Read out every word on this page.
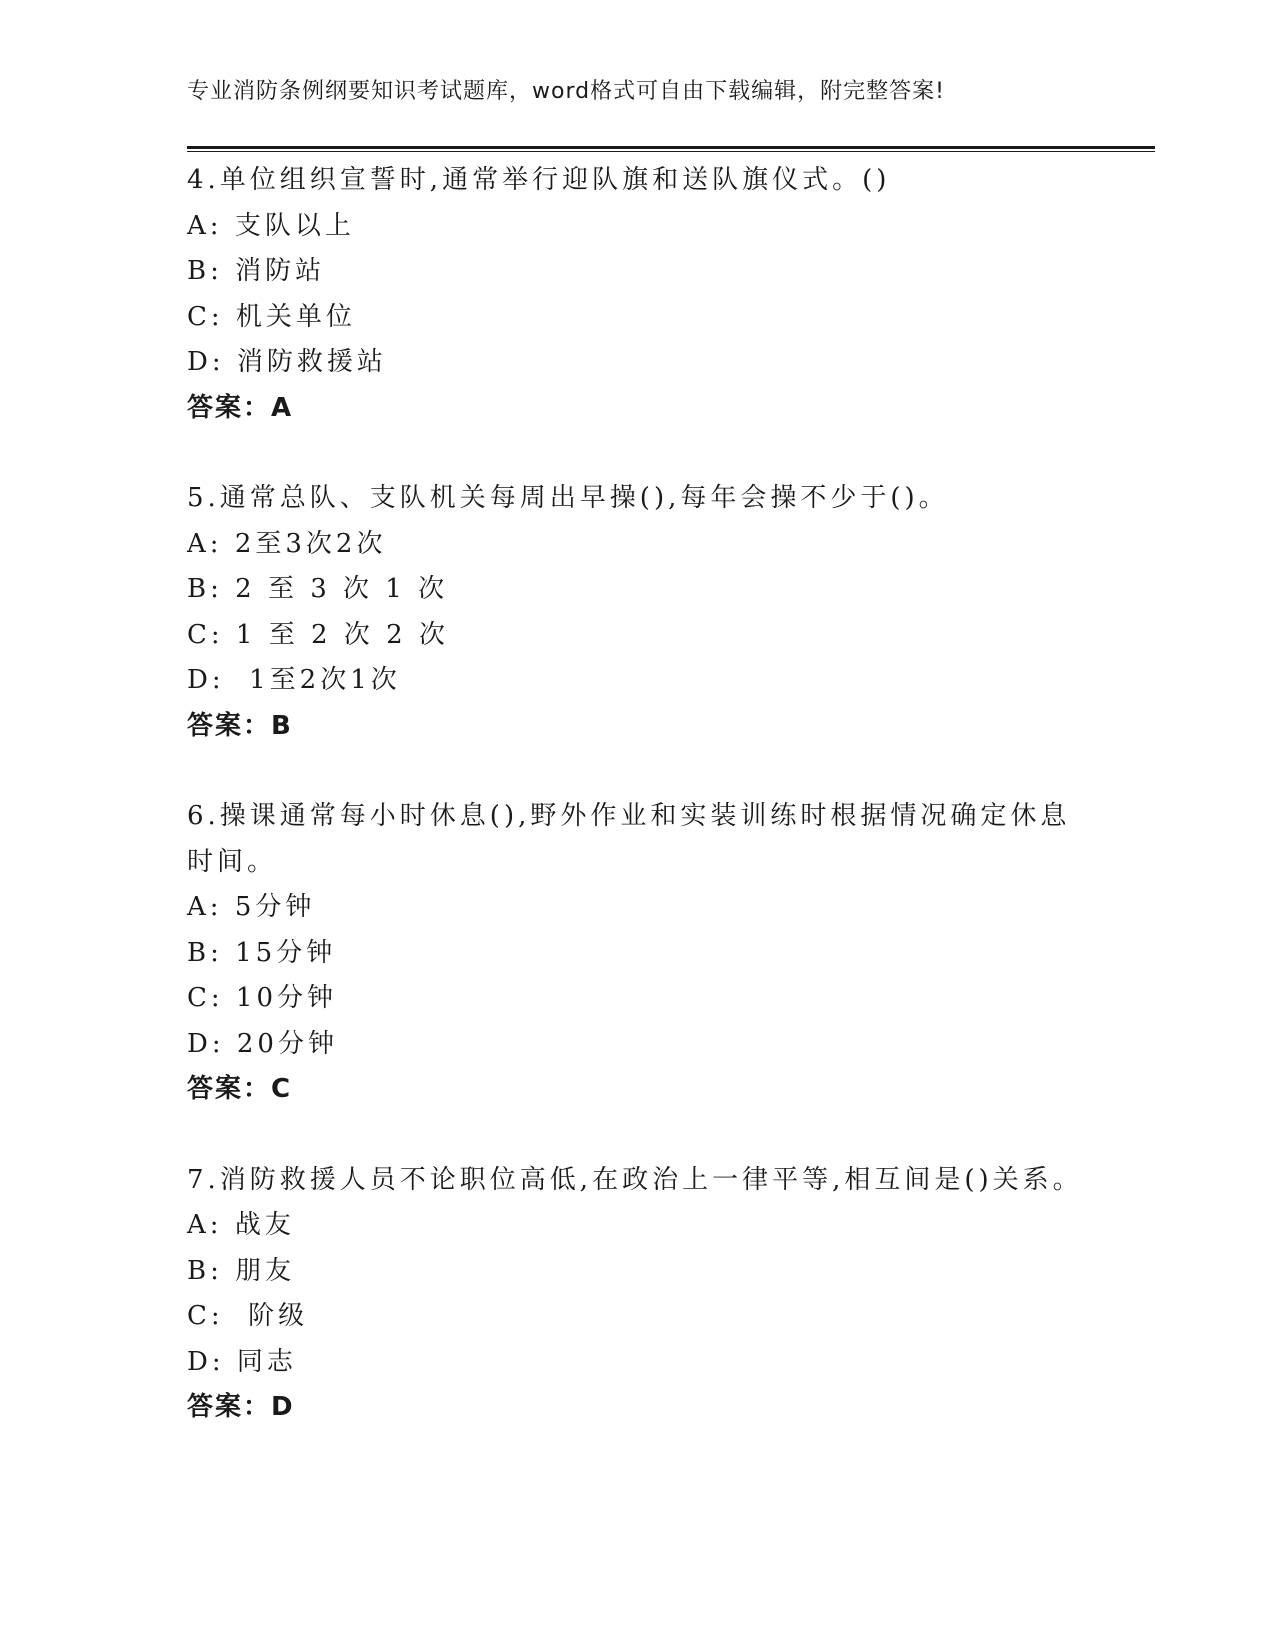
专业消防条例纲要知识考试题库，word格式可自由下载编辑，附完整答案!
4.单位组织宣誓时,通常举行迎队旗和送队旗仪式。()
A: 支队以上
B: 消防站
C: 机关单位
D: 消防救援站
答案：A
5.通常总队、支队机关每周出早操(),每年会操不少于()。
A: 2至3次2次
B: 2 至 3 次 1 次
C: 1 至 2 次 2 次
D:  1至2次1次
答案：B
6.操课通常每小时休息(),野外作业和实装训练时根据情况确定休息时间。
A: 5分钟
B: 15分钟
C: 10分钟
D: 20分钟
答案：C
7.消防救援人员不论职位高低,在政治上一律平等,相互间是()关系。
A: 战友
B: 朋友
C:  阶级
D: 同志
答案：D
